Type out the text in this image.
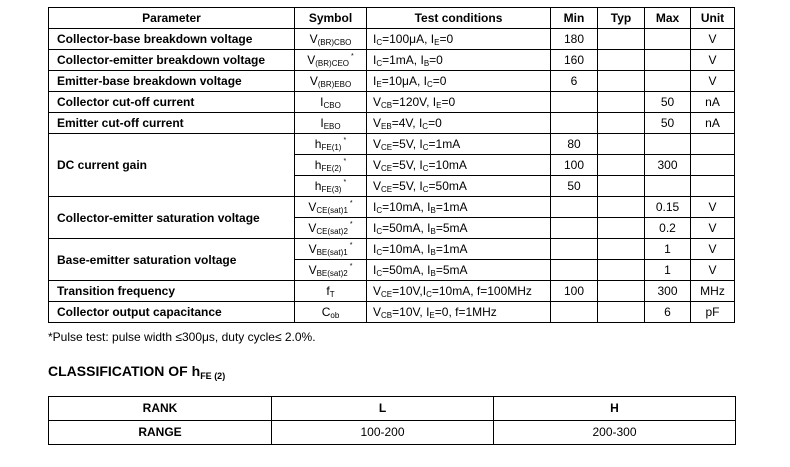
Parameter	Symbol	Test conditions	Min	Typ	Max	Unit
Collector-base breakdown voltage	$V_{(BR)CBO}$	$I_C=100\mu A$, $I_E=0$	180			V
Collector-emitter breakdown voltage	$V_{(BR)CEO}^*$	$I_C=1mA$, $I_B=0$	160			V
Emitter-base breakdown voltage	$V_{(BR)EBO}$	$I_E=10\mu A$, $I_C=0$	6			V
Collector cut-off current	$I_{CBO}$	$V_{CB}=120V$, $I_E=0$			50	nA
Emitter cut-off current	$I_{EBO}$	$V_{EB}=4V$, $I_C=0$			50	nA
DC current gain	$h_{FE(1)}^*$	$V_{CE}=5V$, $I_C=1mA$	80			
	$h_{FE(2)}^*$	$V_{CE}=5V$, $I_C=10mA$	100		300	
	$h_{FE(3)}^*$	$V_{CE}=5V$, $I_C=50mA$	50			
Collector-emitter saturation voltage	$V_{CE(sat)1}^*$	$I_C=10mA$, $I_B=1mA$			0.15	V
	$V_{CE(sat)2}^*$	$I_C=50mA$, $I_B=5mA$			0.2	V
Base-emitter saturation voltage	$V_{BE(sat)1}^*$	$I_C=10mA$, $I_B=1mA$			1	V
	$V_{BE(sat)2}^*$	$I_C=50mA$, $I_B=5mA$			1	V
Transition frequency	$f_T$	$V_{CE}=10V,I_C=10mA$, f=100MHz	100		300	MHz
Collector output capacitance	$C_{ob}$	$V_{CB}=10V$, $I_E=0$, f=1MHz			6	pF
*Pulse test: pulse width ≤300μs, duty cycle≤ 2.0%.
CLASSIFICATION OF $h_{FE (2)}$
RANK	L	H
RANGE	100-200	200-300
